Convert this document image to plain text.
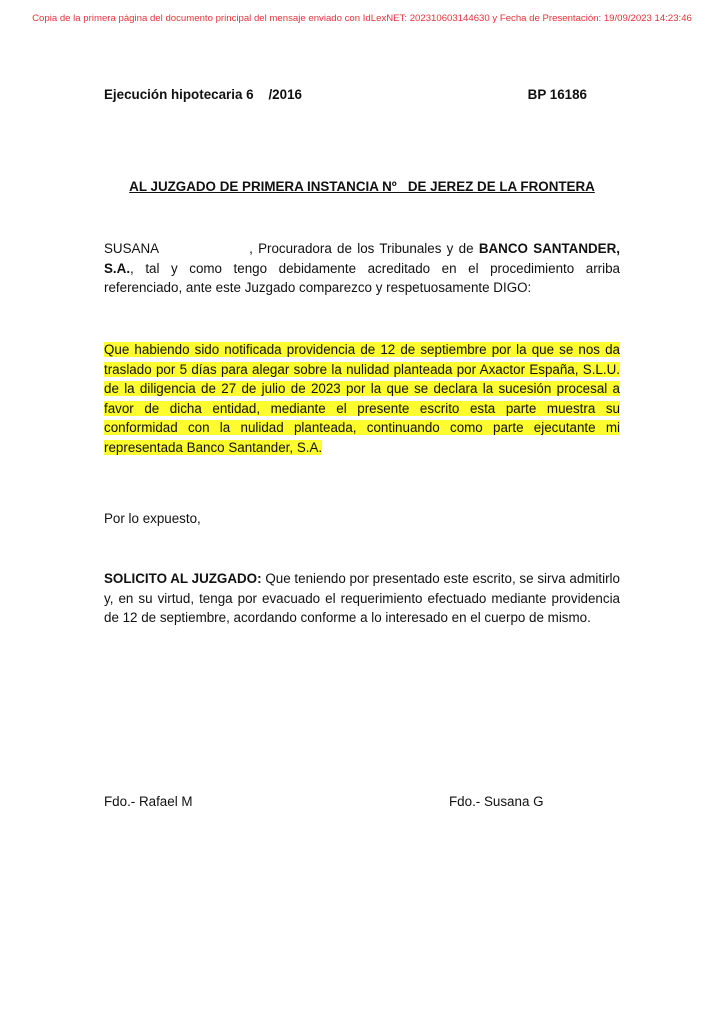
Copia de la primera página del documento principal del mensaje enviado con IdLexNET: 202310603144630 y Fecha de Presentación: 19/09/2023 14:23:46
Ejecución hipotecaria 6    /2016	BP 16186
AL JUZGADO DE PRIMERA INSTANCIA Nº   DE JEREZ DE LA FRONTERA
SUSANA	, Procuradora de los Tribunales y de BANCO SANTANDER, S.A., tal y como tengo debidamente acreditado en el procedimiento arriba referenciado, ante este Juzgado comparezco y respetuosamente DIGO:
Que habiendo sido notificada providencia de 12 de septiembre por la que se nos da traslado por 5 días para alegar sobre la nulidad planteada por Axactor España, S.L.U. de la diligencia de 27 de julio de 2023 por la que se declara la sucesión procesal a favor de dicha entidad, mediante el presente escrito esta parte muestra su conformidad con la nulidad planteada, continuando como parte ejecutante mi representada Banco Santander, S.A.
Por lo expuesto,
SOLICITO AL JUZGADO: Que teniendo por presentado este escrito, se sirva admitirlo y, en su virtud, tenga por evacuado el requerimiento efectuado mediante providencia de 12 de septiembre, acordando conforme a lo interesado en el cuerpo de mismo.
Fdo.- Rafael M	Fdo.- Susana G
